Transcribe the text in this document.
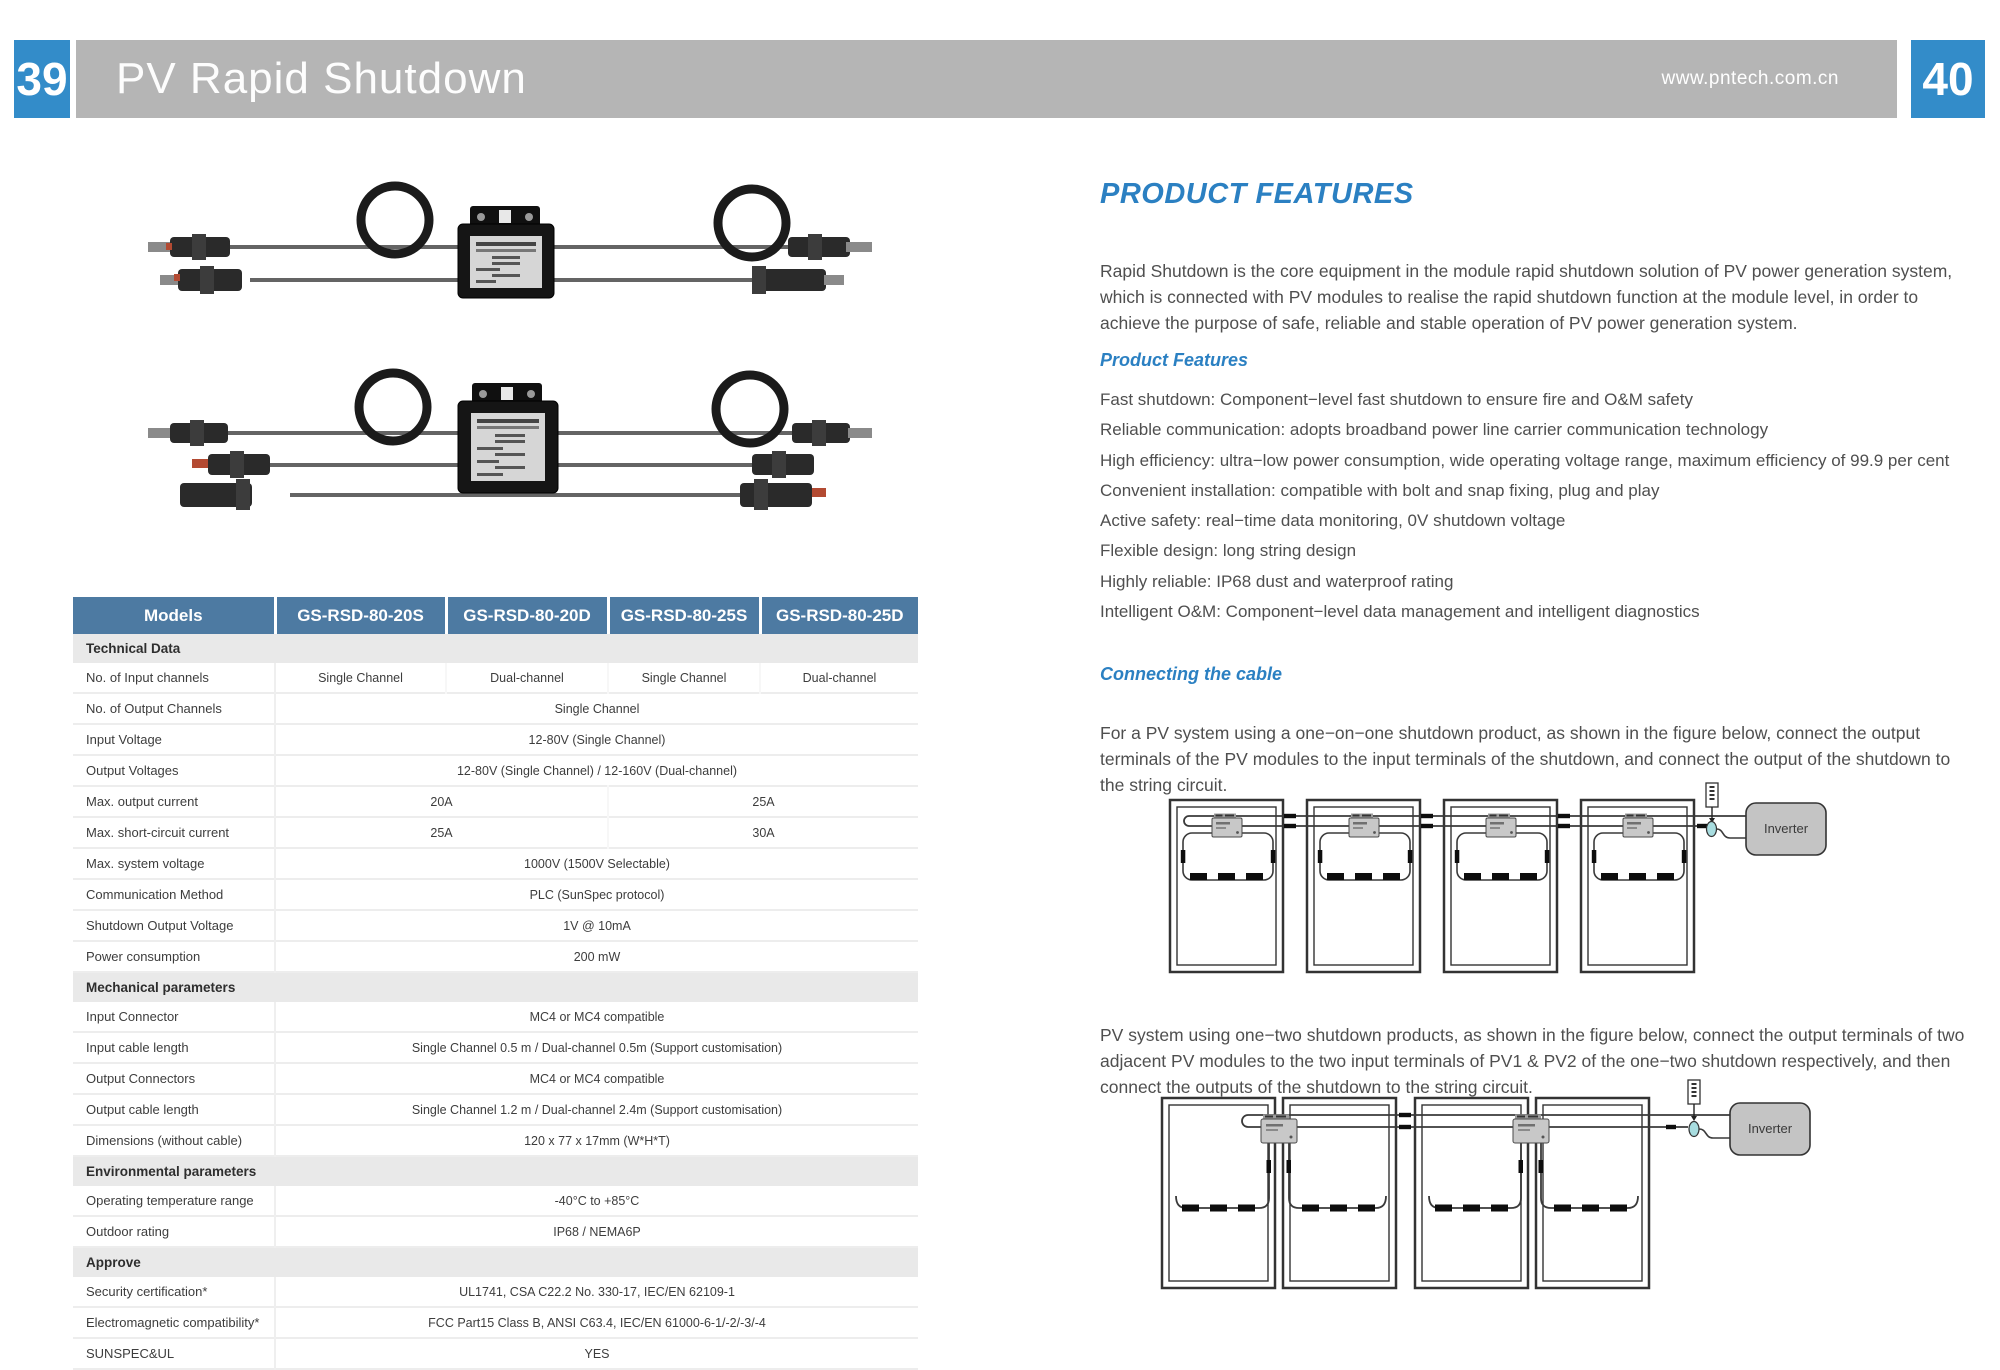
39 PV Rapid Shutdown	www.pntech.com.cn 40
Models	GS-RSD-80-20S	GS-RSD-80-20D	GS-RSD-80-25S	GS-RSD-80-25D
Technical Data				
No. of Input channels	Single Channel	Dual-channel	Single Channel	Dual-channel
No. of Output Channels	Single Channel			
Input Voltage	12-80V (Single Channel)			
Output Voltages	12-80V (Single Channel) / 12-160V (Dual-channel)			
Max. output current	20A		25A	
Max. short-circuit current	25A		30A	
Max. system voltage	1000V (1500V Selectable)			
Communication Method	PLC (SunSpec protocol)			
Shutdown Output Voltage	1V @ 10mA			
Power consumption	200 mW			
Mechanical parameters				
Input Connector	MC4 or MC4 compatible			
Input cable length	Single Channel 0.5 m / Dual-channel 0.5m (Support customisation)			
Output Connectors	MC4 or MC4 compatible			
Output cable length	Single Channel 1.2 m / Dual-channel 2.4m (Support customisation)			
Dimensions (without cable)	120 x 77 x 17mm (W*H*T)			
Environmental parameters				
Operating temperature range	-40°C to +85°C			
Outdoor rating	IP68 / NEMA6P			
Approve				
Security certification*	UL1741, CSA C22.2 No. 330-17, IEC/EN 62109-1			
Electromagnetic compatibility*	FCC Part15 Class B, ANSI C63.4, IEC/EN 61000-6-1/-2/-3/-4			
SUNSPEC&UL	YES			
PRODUCT FEATURES

Rapid Shutdown is the core equipment in the module rapid shutdown solution of PV power generation system, which is connected with PV modules to realise the rapid shutdown function at the module level, in order to achieve the purpose of safe, reliable and stable operation of PV power generation system.

Product Features
Fast shutdown: Component−level fast shutdown to ensure fire and O&M safety
Reliable communication: adopts broadband power line carrier communication technology
High efficiency: ultra−low power consumption, wide operating voltage range, maximum efficiency of 99.9 per cent
Convenient installation: compatible with bolt and snap fixing, plug and play
Active safety: real−time data monitoring, 0V shutdown voltage
Flexible design: long string design
Highly reliable: IP68 dust and waterproof rating
Intelligent O&M: Component−level data management and intelligent diagnostics
Connecting the cable

For a PV system using a one−on−one shutdown product, as shown in the figure below, connect the output terminals of the PV modules to the input terminals of the shutdown, and connect the output of the shutdown to the string circuit.

Inverter

PV system using one−two shutdown products, as shown in the figure below, connect the output terminals of two adjacent PV modules to the two input terminals of PV1 & PV2 of the one−two shutdown respectively, and then connect the outputs of the shutdown to the string circuit.

Inverter
